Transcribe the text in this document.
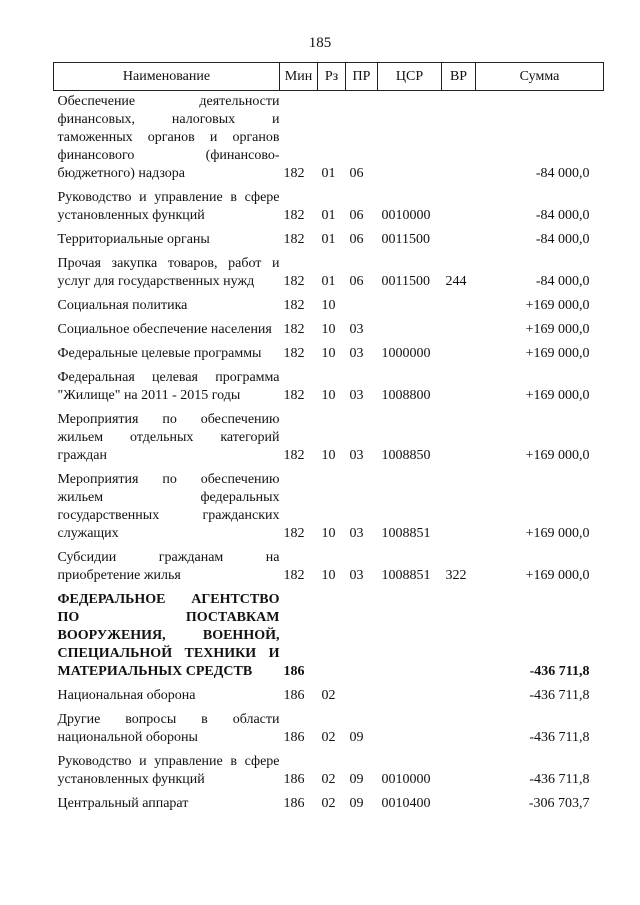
185
Наименование	Мин	Рз	ПР	ЦСР	ВР	Сумма
Обеспечение деятельности финансовых, налоговых и таможенных органов и органов финансового (финансово-бюджетного) надзора	182	01	06			-84 000,0
Руководство и управление в сфере установленных функций	182	01	06	0010000		-84 000,0
Территориальные органы	182	01	06	0011500		-84 000,0
Прочая закупка товаров, работ и услуг для государственных нужд	182	01	06	0011500	244	-84 000,0
Социальная политика	182	10				+169 000,0
Социальное обеспечение населения	182	10	03			+169 000,0
Федеральные целевые программы	182	10	03	1000000		+169 000,0
Федеральная целевая программа "Жилище" на 2011 - 2015 годы	182	10	03	1008800		+169 000,0
Мероприятия по обеспечению жильем отдельных категорий граждан	182	10	03	1008850		+169 000,0
Мероприятия по обеспечению жильем федеральных государственных гражданских служащих	182	10	03	1008851		+169 000,0
Субсидии гражданам на приобретение жилья	182	10	03	1008851	322	+169 000,0
ФЕДЕРАЛЬНОЕ АГЕНТСТВО ПО ПОСТАВКАМ ВООРУЖЕНИЯ, ВОЕННОЙ, СПЕЦИАЛЬНОЙ ТЕХНИКИ И МАТЕРИАЛЬНЫХ СРЕДСТВ	186					-436 711,8
Национальная оборона	186	02				-436 711,8
Другие вопросы в области национальной обороны	186	02	09			-436 711,8
Руководство и управление в сфере установленных функций	186	02	09	0010000		-436 711,8
Центральный аппарат	186	02	09	0010400		-306 703,7
